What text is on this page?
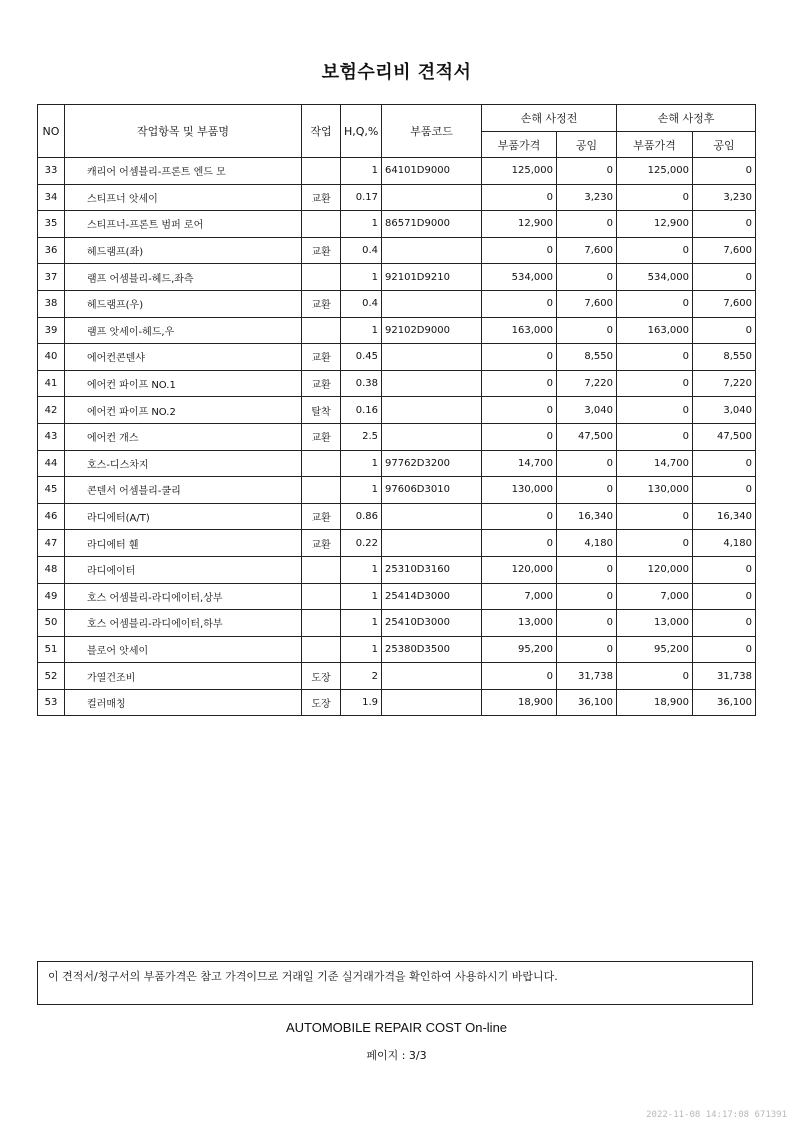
보험수리비 견적서
NO	작업항목 및 부품명	작업	H,Q,%	부품코드	손해 사정전		손해 사정후	
					부품가격	공임	부품가격	공임
33	캐리어 어셈블리-프론트 엔드 모		1	64101D9000	125,000	0	125,000	0
34	스티프너 앗세이	교환	0.17		0	3,230	0	3,230
35	스티프너-프론트 범퍼 로어		1	86571D9000	12,900	0	12,900	0
36	헤드램프(좌)	교환	0.4		0	7,600	0	7,600
37	램프 어셈블리-헤드,좌측		1	92101D9210	534,000	0	534,000	0
38	헤드램프(우)	교환	0.4		0	7,600	0	7,600
39	램프 앗세이-헤드,우		1	92102D9000	163,000	0	163,000	0
40	에어컨콘덴샤	교환	0.45		0	8,550	0	8,550
41	에어컨 파이프 NO.1	교환	0.38		0	7,220	0	7,220
42	에어컨 파이프 NO.2	탈착	0.16		0	3,040	0	3,040
43	에어컨 개스	교환	2.5		0	47,500	0	47,500
44	호스-디스차지		1	97762D3200	14,700	0	14,700	0
45	콘덴서 어셈블리-쿨리		1	97606D3010	130,000	0	130,000	0
46	라디에터(A/T)	교환	0.86		0	16,340	0	16,340
47	라디에터 휀	교환	0.22		0	4,180	0	4,180
48	라디에이터		1	25310D3160	120,000	0	120,000	0
49	호스 어셈블리-라디에이터,상부		1	25414D3000	7,000	0	7,000	0
50	호스 어셈블리-라디에이터,하부		1	25410D3000	13,000	0	13,000	0
51	블로어 앗세이		1	25380D3500	95,200	0	95,200	0
52	가열건조비	도장	2		0	31,738	0	31,738
53	컬러매칭	도장	1.9		18,900	36,100	18,900	36,100
이 견적서/청구서의 부품가격은 참고 가격이므로 거래일 기준 실거래가격을 확인하여 사용하시기 바랍니다.
AUTOMOBILE REPAIR COST On-line
페이지 : 3/3
2022-11-08 14:17:08 671391
